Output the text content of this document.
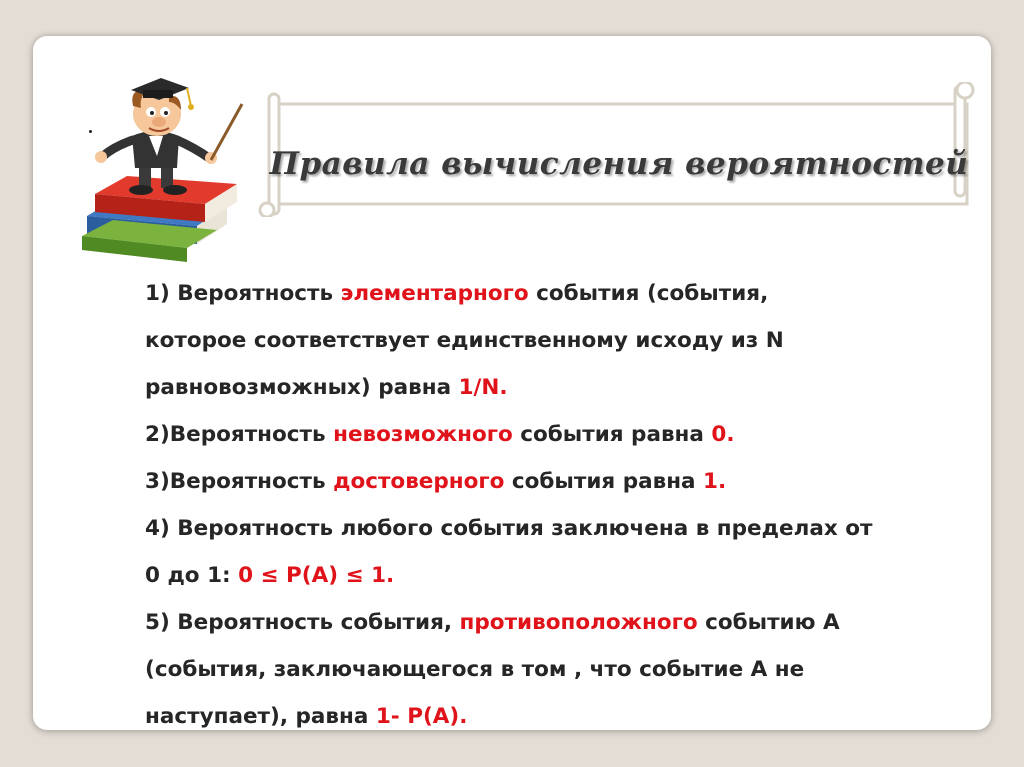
Правила вычисления вероятностей
1) Вероятность элементарного события (события,
которое соответствует единственному исходу из N
равновозможных) равна 1/N.
2)Вероятность невозможного события равна 0.
3)Вероятность достоверного события равна 1.
4) Вероятность любого события заключена в пределах от
0 до 1: 0 ≤ Р(А) ≤ 1.
5) Вероятность события, противоположного событию А
(события, заключающегося в том , что событие А не
наступает), равна 1- Р(А).
